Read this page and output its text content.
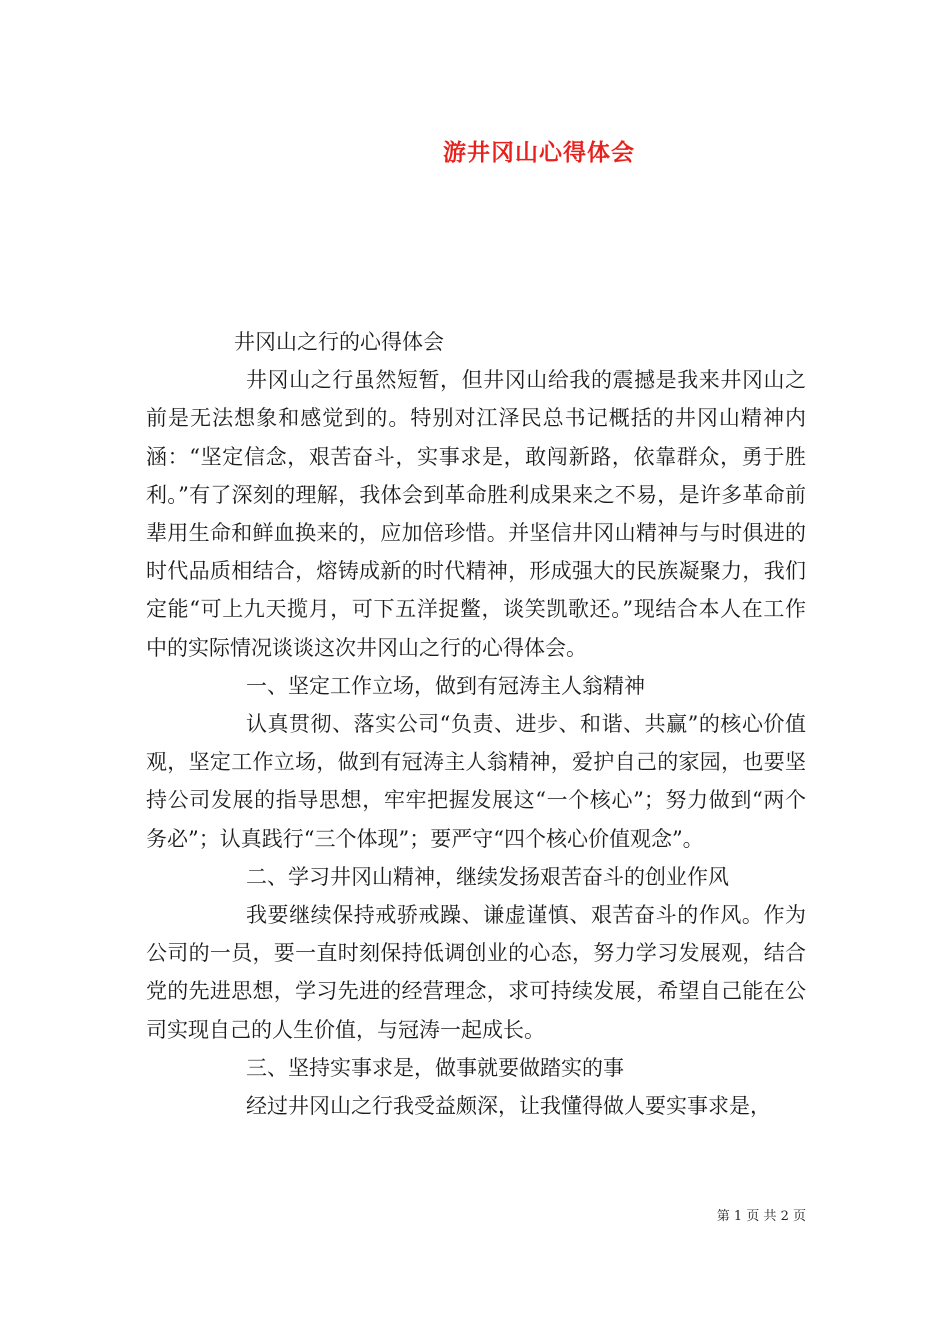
游井冈山心得体会

井冈山之行的心得体会

井冈山之行虽然短暂，但井冈山给我的震撼是我来井冈山之前是无法想象和感觉到的。特别对江泽民总书记概括的井冈山精神内涵：“坚定信念，艰苦奋斗，实事求是，敢闯新路，依靠群众，勇于胜利。”有了深刻的理解，我体会到革命胜利成果来之不易，是许多革命前辈用生命和鲜血换来的，应加倍珍惜。并坚信井冈山精神与与时俱进的时代品质相结合，熔铸成新的时代精神，形成强大的民族凝聚力，我们定能“可上九天揽月，可下五洋捉鳖，谈笑凯歌还。”现结合本人在工作中的实际情况谈谈这次井冈山之行的心得体会。

一、坚定工作立场，做到有冠涛主人翁精神

认真贯彻、落实公司“负责、进步、和谐、共赢”的核心价值观，坚定工作立场，做到有冠涛主人翁精神，爱护自己的家园，也要坚持公司发展的指导思想，牢牢把握发展这“一个核心”；努力做到“两个务必”；认真践行“三个体现”；要严守“四个核心价值观念”。

二、学习井冈山精神，继续发扬艰苦奋斗的创业作风

我要继续保持戒骄戒躁、谦虚谨慎、艰苦奋斗的作风。作为公司的一员，要一直时刻保持低调创业的心态，努力学习发展观，结合党的先进思想，学习先进的经营理念，求可持续发展，希望自己能在公司实现自己的人生价值，与冠涛一起成长。

三、坚持实事求是，做事就要做踏实的事

经过井冈山之行我受益颇深，让我懂得做人要实事求是，

第 1 页 共 2 页
